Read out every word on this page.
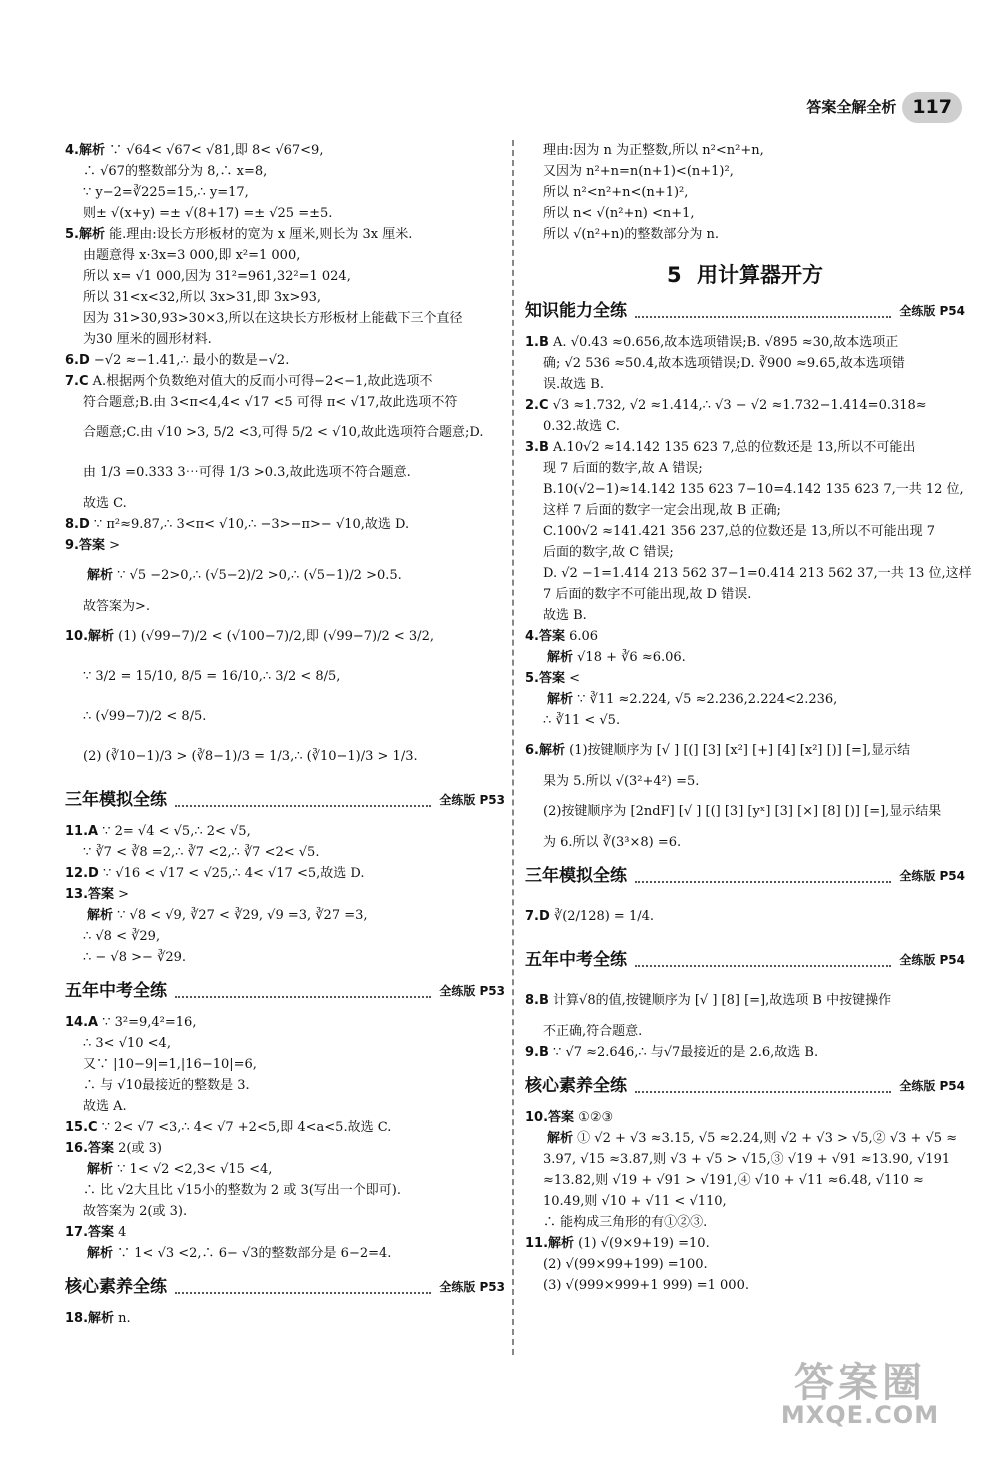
答案全解全析 117

4.解析 ∵ √64< √67< √81,即 8< √67<9,

∴ √67的整数部分为 8,∴ x=8,

∵ y−2=∛225=15,∴ y=17,

则± √(x+y) =± √(8+17) =± √25 =±5.

5.解析 能.理由:设长方形板材的宽为 x 厘米,则长为 3x 厘米.

由题意得 x·3x=3 000,即 x²=1 000,

所以 x= √1 000,因为 31²=961,32²=1 024,

所以 31<x<32,所以 3x>31,即 3x>93,

因为 31>30,93>30×3,所以在这块长方形板材上能截下三个直径

为30 厘米的圆形材料.

6.D −√2 ≈−1.41,∴ 最小的数是−√2.

7.C A.根据两个负数绝对值大的反而小可得−2<−1,故此选项不

符合题意;B.由 3<π<4,4< √17 <5 可得 π< √17,故此选项不符

合题意;C.由 √10 >3, 5/2 <3,可得 5/2 < √10,故此选项符合题意;D.

由 1/3 =0.333 3⋯可得 1/3 >0.3,故此选项不符合题意.

故选 C.

8.D ∵ π²≈9.87,∴ 3<π< √10,∴ −3>−π>− √10,故选 D.

9.答案 >

解析 ∵ √5 −2>0,∴ (√5−2)/2 >0,∴ (√5−1)/2 >0.5.

故答案为>.

10.解析 (1) (√99−7)/2 < (√100−7)/2,即 (√99−7)/2 < 3/2,

∵ 3/2 = 15/10, 8/5 = 16/10,∴ 3/2 < 8/5,

∴ (√99−7)/2 < 8/5.

(2) (∛10−1)/3 > (∛8−1)/3 = 1/3,∴ (∛10−1)/3 > 1/3.

三年模拟全练	全练版 P53

11.A ∵ 2= √4 < √5,∴ 2< √5,

∵ ∛7 < ∛8 =2,∴ ∛7 <2,∴ ∛7 <2< √5.

12.D ∵ √16 < √17 < √25,∴ 4< √17 <5,故选 D.

13.答案 >

解析 ∵ √8 < √9, ∛27 < ∛29, √9 =3, ∛27 =3,

∴ √8 < ∛29,

∴ − √8 >− ∛29.

五年中考全练	全练版 P53

14.A ∵ 3²=9,4²=16,

∴ 3< √10 <4,

又∵ |10−9|=1,|16−10|=6,

∴ 与 √10最接近的整数是 3.

故选 A.

15.C ∵ 2< √7 <3,∴ 4< √7 +2<5,即 4<a<5.故选 C.

16.答案 2(或 3)

解析 ∵ 1< √2 <2,3< √15 <4,

∴ 比 √2大且比 √15小的整数为 2 或 3(写出一个即可).

故答案为 2(或 3).

17.答案 4

解析 ∵ 1< √3 <2,∴ 6− √3的整数部分是 6−2=4.

核心素养全练	全练版 P53

18.解析 n.

理由:因为 n 为正整数,所以 n²<n²+n,

又因为 n²+n=n(n+1)<(n+1)²,

所以 n²<n²+n<(n+1)²,

所以 n< √(n²+n) <n+1,

所以 √(n²+n)的整数部分为 n.

5 用计算器开方
知识能力全练	全练版 P54

1.B A. √0.43 ≈0.656,故本选项错误;B. √895 ≈30,故本选项正

确; √2 536 ≈50.4,故本选项错误;D. ∛900 ≈9.65,故本选项错

误.故选 B.

2.C √3 ≈1.732, √2 ≈1.414,∴ √3 − √2 ≈1.732−1.414=0.318≈

0.32.故选 C.

3.B A.10√2 ≈14.142 135 623 7,总的位数还是 13,所以不可能出

现 7 后面的数字,故 A 错误;

B.10(√2−1)≈14.142 135 623 7−10=4.142 135 623 7,一共 12 位,

这样 7 后面的数字一定会出现,故 B 正确;

C.100√2 ≈141.421 356 237,总的位数还是 13,所以不可能出现 7

后面的数字,故 C 错误;

D. √2 −1=1.414 213 562 37−1=0.414 213 562 37,一共 13 位,这样

7 后面的数字不可能出现,故 D 错误.

故选 B.

4.答案 6.06

解析 √18 + ∛6 ≈6.06.

5.答案 <

解析 ∵ ∛11 ≈2.224, √5 ≈2.236,2.224<2.236,

∴ ∛11 < √5.

6.解析 (1)按键顺序为 [√ ] [(] [3] [x²] [+] [4] [x²] [)] [=],显示结

果为 5.所以 √(3²+4²) =5.

(2)按键顺序为 [2ndF] [√ ] [(] [3] [yˣ] [3] [×] [8] [)] [=],显示结果

为 6.所以 ∛(3³×8) =6.

三年模拟全练	全练版 P54

7.D ∛(2/128) = 1/4.

五年中考全练	全练版 P54

8.B 计算√8的值,按键顺序为 [√ ] [8] [=],故选项 B 中按键操作

不正确,符合题意.

9.B ∵ √7 ≈2.646,∴ 与√7最接近的是 2.6,故选 B.

核心素养全练	全练版 P54

10.答案 ①②③

解析 ① √2 + √3 ≈3.15, √5 ≈2.24,则 √2 + √3 > √5,② √3 + √5 ≈

3.97, √15 ≈3.87,则 √3 + √5 > √15,③ √19 + √91 ≈13.90, √191

≈13.82,则 √19 + √91 > √191,④ √10 + √11 ≈6.48, √110 ≈

10.49,则 √10 + √11 < √110,

∴ 能构成三角形的有①②③.

11.解析 (1) √(9×9+19) =10.

(2) √(99×99+199) =100.

(3) √(999×999+1 999) =1 000.

答案圈
MXQE.COM
